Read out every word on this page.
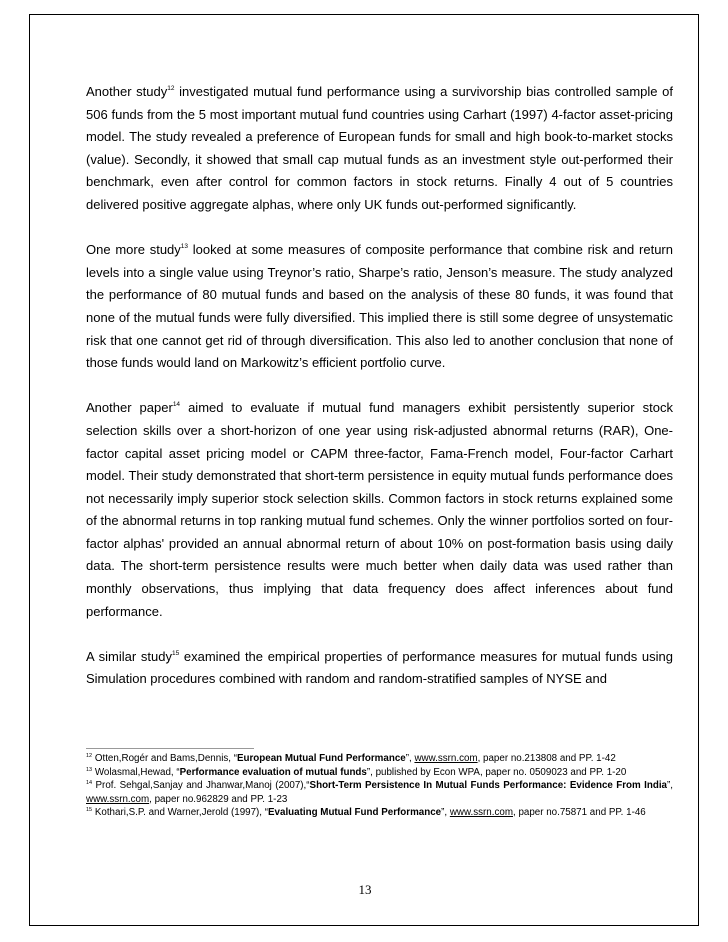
Another study$^{12}$ investigated mutual fund performance using a survivorship bias controlled sample of 506 funds from the 5 most important mutual fund countries using Carhart (1997) 4-factor asset-pricing model. The study revealed a preference of European funds for small and high book-to-market stocks (value). Secondly, it showed that small cap mutual funds as an investment style out-performed their benchmark, even after control for common factors in stock returns. Finally 4 out of 5 countries delivered positive aggregate alphas, where only UK funds out-performed significantly.

One more study$^{13}$ looked at some measures of composite performance that combine risk and return levels into a single value using Treynor’s ratio, Sharpe’s ratio, Jenson’s measure. The study analyzed the performance of 80 mutual funds and based on the analysis of these 80 funds, it was found that none of the mutual funds were fully diversified. This implied there is still some degree of unsystematic risk that one cannot get rid of through diversification. This also led to another conclusion that none of those funds would land on Markowitz’s efficient portfolio curve.

Another paper$^{14}$ aimed to evaluate if mutual fund managers exhibit persistently superior stock selection skills over a short-horizon of one year using risk-adjusted abnormal returns (RAR), One-factor capital asset pricing model or CAPM three-factor, Fama-French model, Four-factor Carhart model. Their study demonstrated that short-term persistence in equity mutual funds performance does not necessarily imply superior stock selection skills. Common factors in stock returns explained some of the abnormal returns in top ranking mutual fund schemes. Only the winner portfolios sorted on four-factor alphas' provided an annual abnormal return of about 10% on post-formation basis using daily data. The short-term persistence results were much better when daily data was used rather than monthly observations, thus implying that data frequency does affect inferences about fund performance.

A similar study$^{15}$ examined the empirical properties of performance measures for mutual funds using Simulation procedures combined with random and random-stratified samples of NYSE and

$^{12}$ Otten,Rogér and Bams,Dennis, “European Mutual Fund Performance”, www.ssrn.com, paper no.213808 and PP. 1-42

$^{13}$ Wolasmal,Hewad, “Performance evaluation of mutual funds”, published by Econ WPA, paper no. 0509023 and PP. 1-20

$^{14}$ Prof. Sehgal,Sanjay and Jhanwar,Manoj (2007),“Short-Term Persistence In Mutual Funds Performance: Evidence From India”, www.ssrn.com, paper no.962829 and PP. 1-23

$^{15}$ Kothari,S.P. and Warner,Jerold (1997), “Evaluating Mutual Fund Performance”, www.ssrn.com, paper no.75871 and PP. 1-46

13
